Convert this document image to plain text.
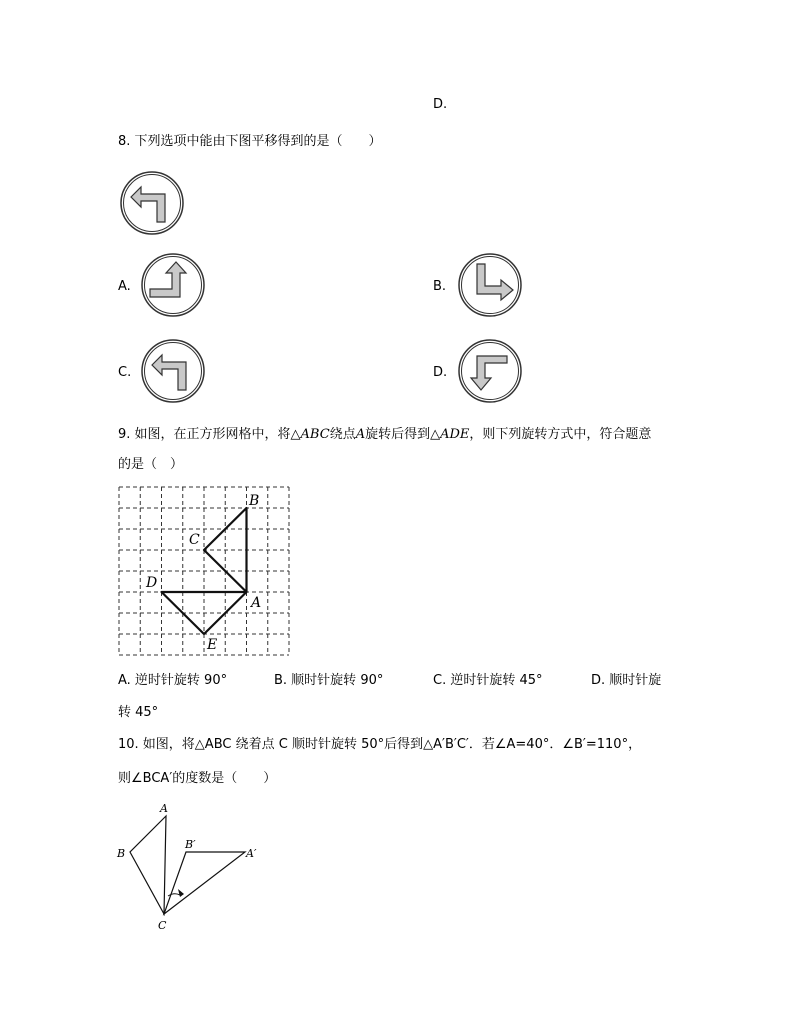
D.
8. 下列选项中能由下图平移得到的是（　　）
A.	B.
C.	D.
9. 如图，在正方形网格中，将△ABC绕点A旋转后得到△ADE，则下列旋转方式中，符合题意
的是（　）
B
C
D
A
E
A. 逆时针旋转 90°	B. 顺时针旋转 90°	C. 逆时针旋转 45°	D. 顺时针旋
转 45°
10. 如图，将△ABC 绕着点 C 顺时针旋转 50°后得到△A′B′C′．若∠A=40°．∠B′=110°，
则∠BCA′的度数是（　　）
A
B
B′
A′
C
